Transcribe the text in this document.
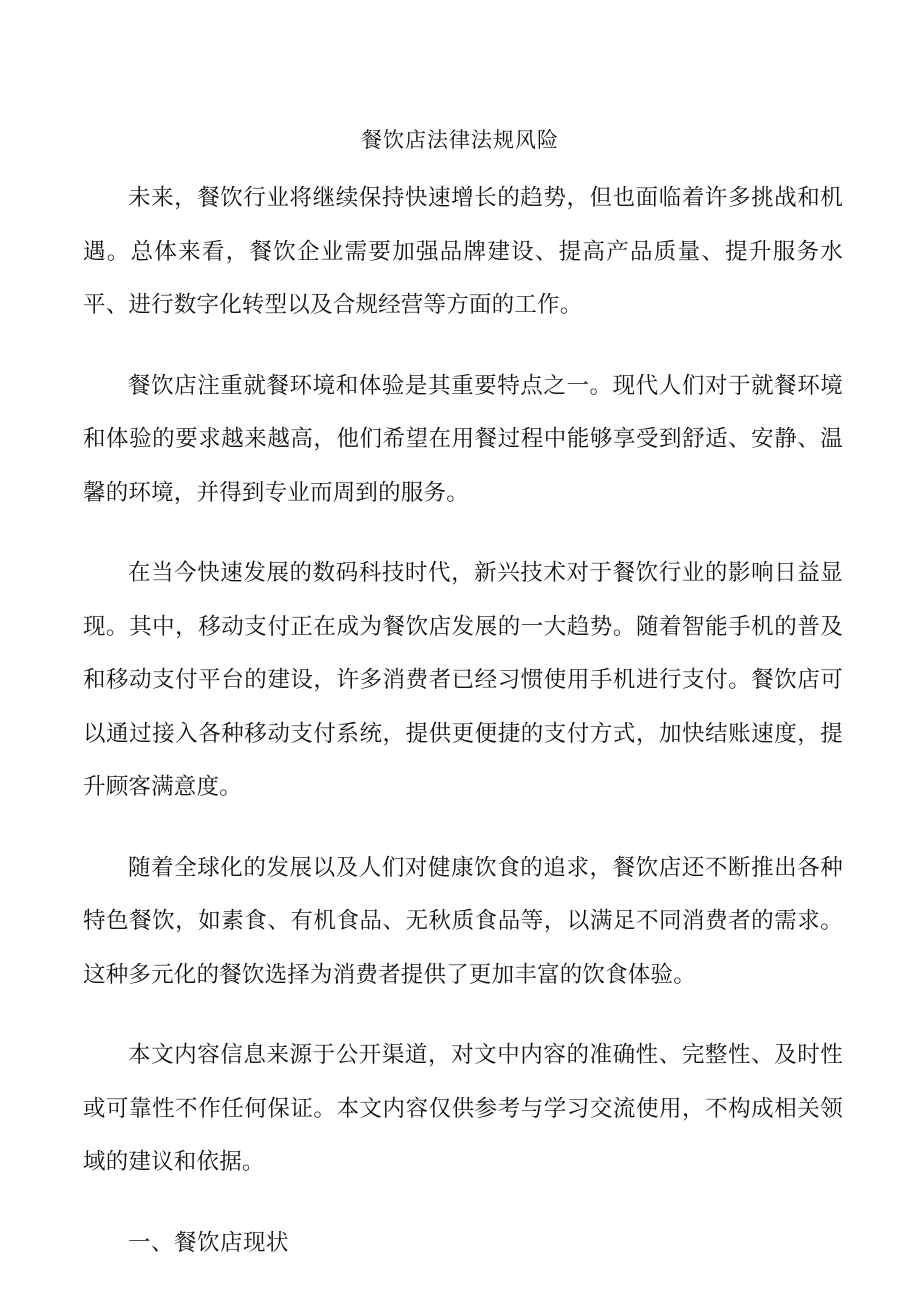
餐饮店法律法规风险

未来，餐饮行业将继续保持快速增长的趋势，但也面临着许多挑战和机遇。总体来看，餐饮企业需要加强品牌建设、提高产品质量、提升服务水平、进行数字化转型以及合规经营等方面的工作。

餐饮店注重就餐环境和体验是其重要特点之一。现代人们对于就餐环境和体验的要求越来越高，他们希望在用餐过程中能够享受到舒适、安静、温馨的环境，并得到专业而周到的服务。

在当今快速发展的数码科技时代，新兴技术对于餐饮行业的影响日益显现。其中，移动支付正在成为餐饮店发展的一大趋势。随着智能手机的普及和移动支付平台的建设，许多消费者已经习惯使用手机进行支付。餐饮店可以通过接入各种移动支付系统，提供更便捷的支付方式，加快结账速度，提升顾客满意度。

随着全球化的发展以及人们对健康饮食的追求，餐饮店还不断推出各种特色餐饮，如素食、有机食品、无秋质食品等，以满足不同消费者的需求。这种多元化的餐饮选择为消费者提供了更加丰富的饮食体验。

本文内容信息来源于公开渠道，对文中内容的准确性、完整性、及时性或可靠性不作任何保证。本文内容仅供参考与学习交流使用，不构成相关领域的建议和依据。

一、餐饮店现状
